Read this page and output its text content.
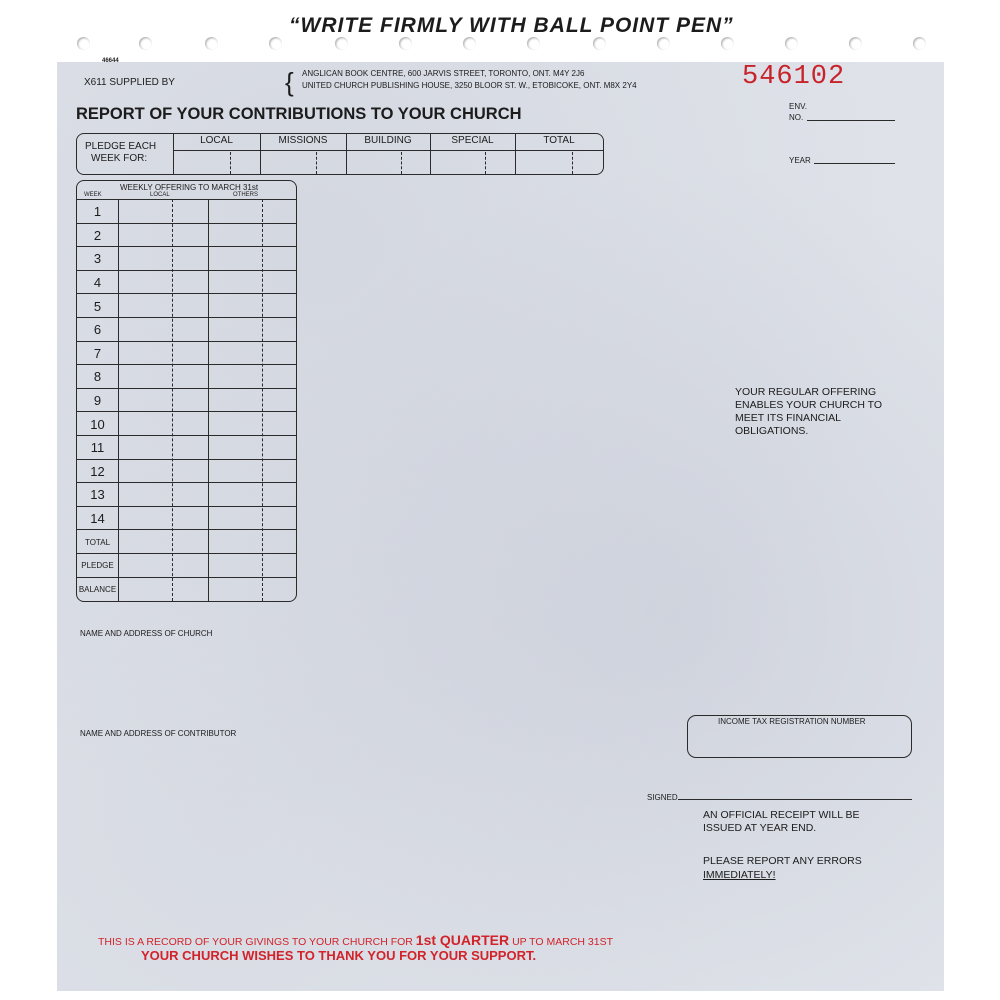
“WRITE FIRMLY WITH BALL POINT PEN”
46644
X611 SUPPLIED BY	{ ANGLICAN BOOK CENTRE, 600 JARVIS STREET, TORONTO, ONT. M4Y 2J6
UNITED CHURCH PUBLISHING HOUSE, 3250 BLOOR ST. W., ETOBICOKE, ONT. M8X 2Y4	546102
REPORT OF YOUR CONTRIBUTIONS TO YOUR CHURCH	ENV.
NO.
YEAR
PLEDGE EACH
WEEK FOR:
LOCAL	MISSIONS	BUILDING	SPECIAL	TOTAL
WEEKLY OFFERING TO MARCH 31st
WEEK	LOCAL	OTHERS
1
2
3
4
5
6
7
8
9
10
11
12
13
14
TOTAL
PLEDGE
BALANCE
NAME AND ADDRESS OF CHURCH
NAME AND ADDRESS OF CONTRIBUTOR
YOUR REGULAR OFFERING
ENABLES YOUR CHURCH TO
MEET ITS FINANCIAL
OBLIGATIONS.
INCOME TAX REGISTRATION NUMBER
SIGNED
AN OFFICIAL RECEIPT WILL BE
ISSUED AT YEAR END.
PLEASE REPORT ANY ERRORS
IMMEDIATELY!
THIS IS A RECORD OF YOUR GIVINGS TO YOUR CHURCH FOR 1st QUARTER UP TO MARCH 31ST
YOUR CHURCH WISHES TO THANK YOU FOR YOUR SUPPORT.
